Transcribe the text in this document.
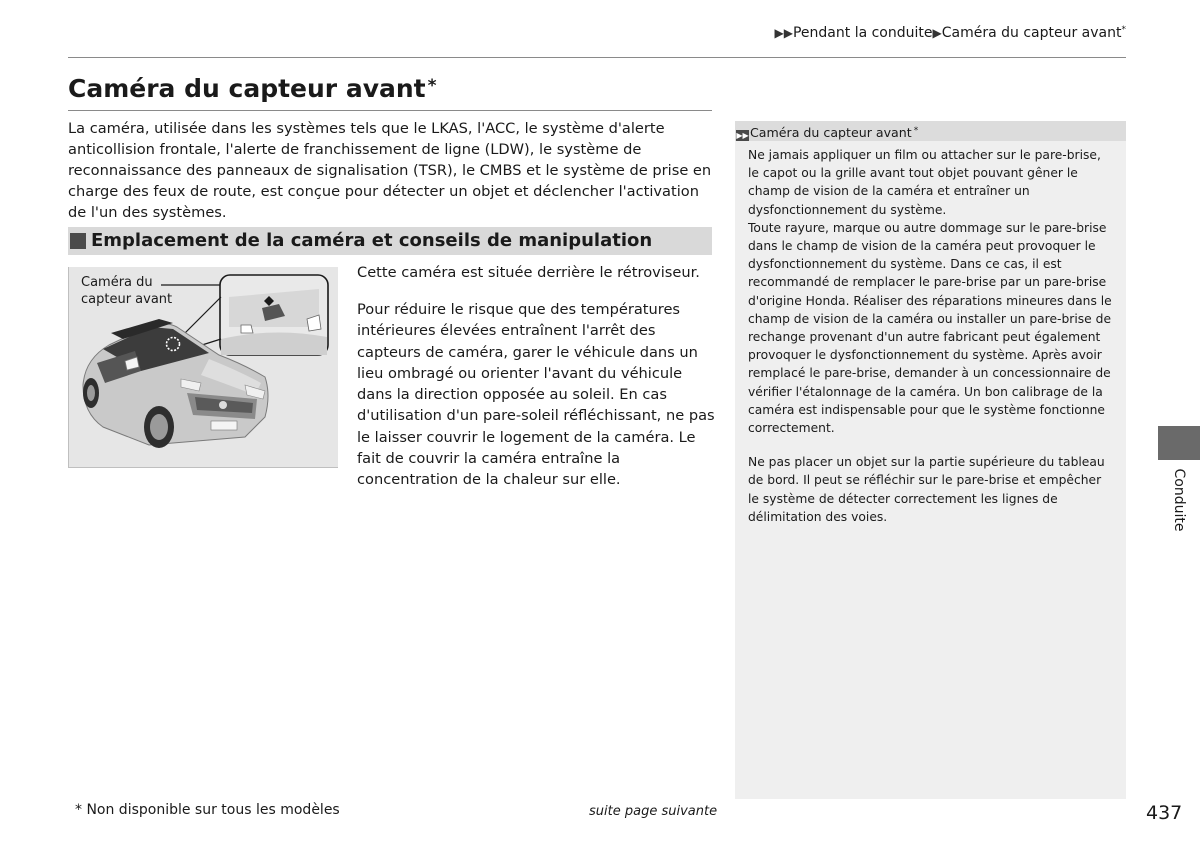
▶▶Pendant la conduite▶Caméra du capteur avant*
Caméra du capteur avant *

La caméra, utilisée dans les systèmes tels que le LKAS, l'ACC, le système d'alerte anticollision frontale, l'alerte de franchissement de ligne (LDW), le système de reconnaissance des panneaux de signalisation (TSR), le CMBS et le système de prise en charge des feux de route, est conçue pour détecter un objet et déclencher l'activation de l'un des systèmes.

Emplacement de la caméra et conseils de manipulation
Caméra du
capteur avant

Cette caméra est située derrière le rétroviseur.

Pour réduire le risque que des températures intérieures élevées entraînent l'arrêt des capteurs de caméra, garer le véhicule dans un lieu ombragé ou orienter l'avant du véhicule dans la direction opposée au soleil. En cas d'utilisation d'un pare-soleil réfléchissant, ne pas le laisser couvrir le logement de la caméra. Le fait de couvrir la caméra entraîne la concentration de la chaleur sur elle.

▶▶Caméra du capteur avant *

Ne jamais appliquer un film ou attacher sur le pare-brise, le capot ou la grille avant tout objet pouvant gêner le champ de vision de la caméra et entraîner un dysfonctionnement du système.

Toute rayure, marque ou autre dommage sur le pare-brise dans le champ de vision de la caméra peut provoquer le dysfonctionnement du système. Dans ce cas, il est recommandé de remplacer le pare-brise par un pare-brise d'origine Honda. Réaliser des réparations mineures dans le champ de vision de la caméra ou installer un pare-brise de rechange provenant d'un autre fabricant peut également provoquer le dysfonctionnement du système. Après avoir remplacé le pare-brise, demander à un concessionnaire de vérifier l'étalonnage de la caméra. Un bon calibrage de la caméra est indispensable pour que le système fonctionne correctement.

Ne pas placer un objet sur la partie supérieure du tableau de bord. Il peut se réfléchir sur le pare-brise et empêcher le système de détecter correctement les lignes de délimitation des voies.	Conduite
* Non disponible sur tous les modèles	suite page suivante	437
